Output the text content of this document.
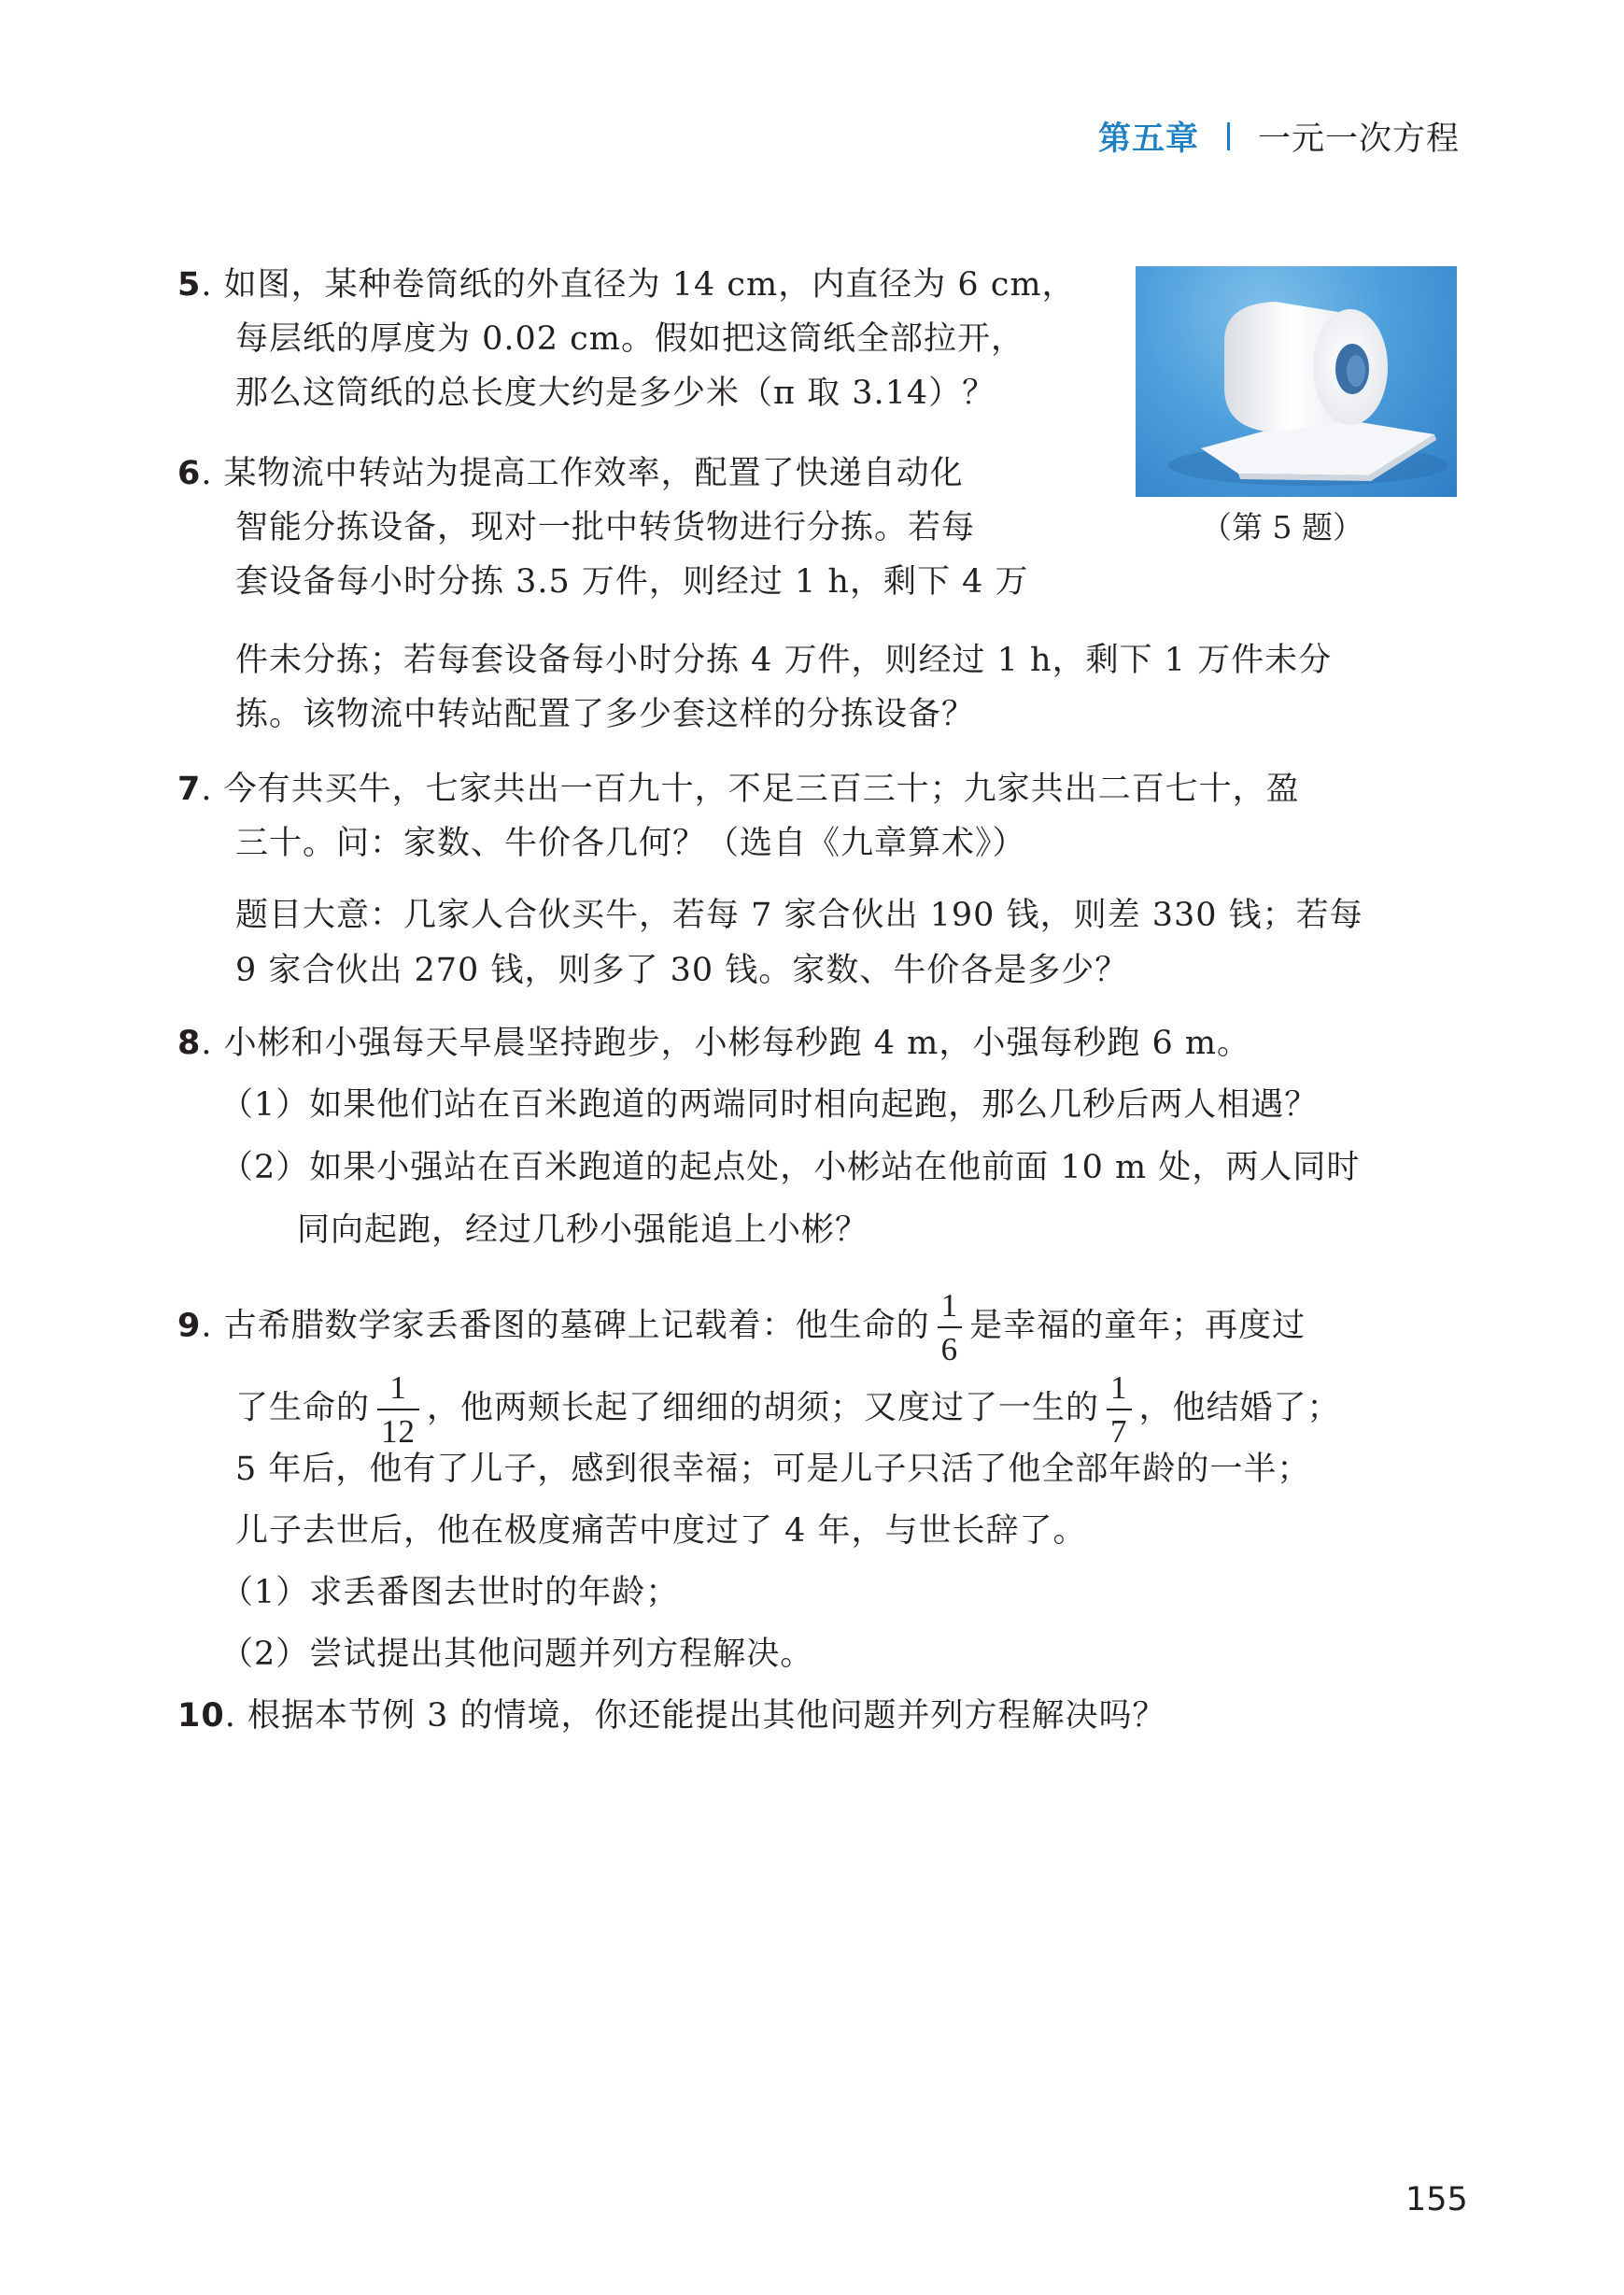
第五章 一元一次方程
（第 5 题）
5. 如图，某种卷筒纸的外直径为 14 cm，内直径为 6 cm，
每层纸的厚度为 0.02 cm。假如把这筒纸全部拉开，
那么这筒纸的总长度大约是多少米（π 取 3.14）？
6. 某物流中转站为提高工作效率，配置了快递自动化
智能分拣设备，现对一批中转货物进行分拣。若每
套设备每小时分拣 3.5 万件，则经过 1 h，剩下 4 万
件未分拣；若每套设备每小时分拣 4 万件，则经过 1 h，剩下 1 万件未分
拣。该物流中转站配置了多少套这样的分拣设备？
7. 今有共买牛，七家共出一百九十，不足三百三十；九家共出二百七十，盈
三十。问：家数、牛价各几何？（选自《九章算术》）
题目大意：几家人合伙买牛，若每 7 家合伙出 190 钱，则差 330 钱；若每
9 家合伙出 270 钱，则多了 30 钱。家数、牛价各是多少？
8. 小彬和小强每天早晨坚持跑步，小彬每秒跑 4 m，小强每秒跑 6 m。
（1）如果他们站在百米跑道的两端同时相向起跑，那么几秒后两人相遇？
（2）如果小强站在百米跑道的起点处，小彬站在他前面 10 m 处，两人同时
同向起跑，经过几秒小强能追上小彬？
9. 古希腊数学家丢番图的墓碑上记载着：他生命的 $\frac{1}{6}$ 是幸福的童年；再度过
了生命的 $\frac{1}{12}$ ，他两颊长起了细细的胡须；又度过了一生的 $\frac{1}{7}$ ，他结婚了；
5 年后，他有了儿子，感到很幸福；可是儿子只活了他全部年龄的一半；
儿子去世后，他在极度痛苦中度过了 4 年，与世长辞了。
（1）求丢番图去世时的年龄；
（2）尝试提出其他问题并列方程解决。
10. 根据本节例 3 的情境，你还能提出其他问题并列方程解决吗？
155
